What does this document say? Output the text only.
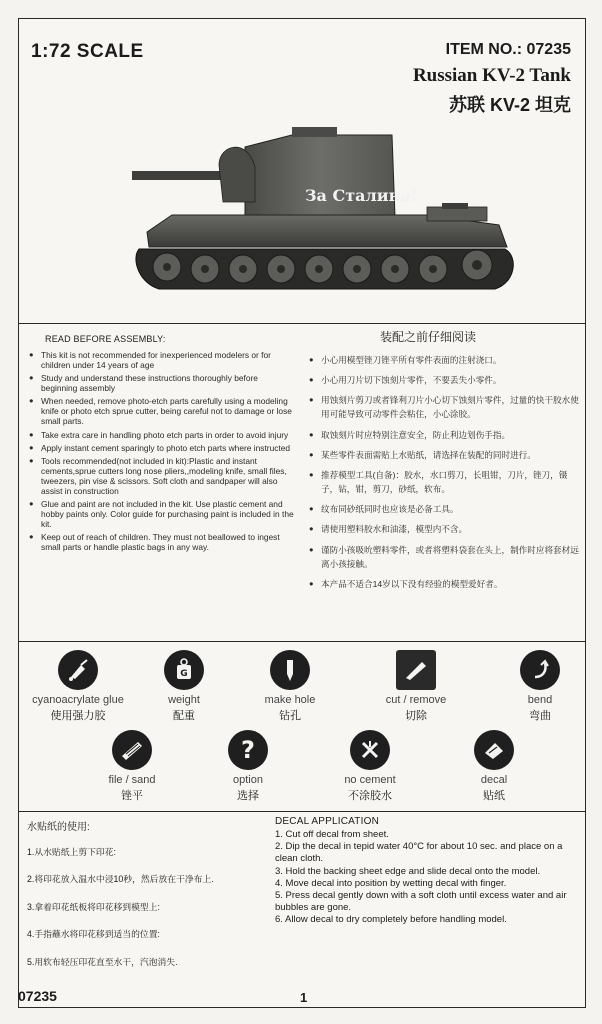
1:72 SCALE	ITEM NO.: 07235
Russian KV-2 Tank
苏联 KV-2 坦克
За Сталина!
READ BEFORE ASSEMBLY:
● This kit is not recommended for inexperienced modelers or for children under 14 years of age
● Study and understand these instructions thoroughly before beginning assembly
● When needed, remove photo-etch parts carefully using a modeling knife or photo etch sprue cutter, being careful not to damage or lose small parts.
● Take extra care in handling photo etch parts in order to avoid injury
● Apply instant cement sparingly to photo etch parts where instructed
● Tools recommended(not included in kit):Plastic and instant cements,sprue cutters long nose pliers,,modeling knife, small files, tweezers, pin vise & scissors. Soft cloth and sandpaper will also assist in construction
● Glue and paint are not included in the kit. Use plastic cement and hobby paints only. Color guide for purchasing paint is included in the kit.
● Keep out of reach of children. They must not beallowed to ingest small parts or handle plastic bags in any way.
装配之前仔细阅读
● 小心用模型锉刀锉平所有零件表面的注射浇口。
● 小心用刀片切下蚀刻片零件，不要丢失小零件。
● 用蚀刻片剪刀或者锋利刀片小心切下蚀刻片零件，过量的快干胶水使用可能导致可动零件会粘住，小心涂胶。
● 取蚀刻片时应特别注意安全，防止利边划伤手指。
● 某些零件表面需贴上水贴纸，请选择在装配的同时进行。
● 推荐模型工具(自备)：胶水，水口剪刀，长咀钳，刀片，锉刀，镊子，钻，钳，剪刀，砂纸，软布。
● 纹布同砂纸同时也应该是必备工具。
● 请使用塑料胶水和油漆，模型内不含。
● 谨防小孩吸吮塑料零件，或者将塑料袋套在头上，制作时应将套材远离小孩接触。
● 本产品不适合14岁以下没有经验的模型爱好者。
cyanoacrylate glue
使用强力胶
G
weight
配重
make hole
钻孔
cut / remove
切除
bend
弯曲
file / sand
锉平
?
option
选择
no cement
不涂胶水
decal
贴纸
水贴纸的使用:
1.从水贴纸上剪下印花:
2.将印花放入温水中浸10秒，然后放在干净布上.
3.拿着印花纸板将印花移到模型上:
4.手指蘸水将印花移到适当的位置:
5.用软布轻压印花直至水干，汽泡消失.
DECAL APPLICATION
1. Cut off decal from sheet.
2. Dip the decal in tepid water 40°C for about 10 sec. and place on a clean cloth.
3. Hold the backing sheet edge and slide decal onto the model.
4. Move decal into position by wetting decal with finger.
5. Press decal gently down with a soft cloth until excess water and air bubbles are gone.
6. Allow decal to dry completely before handling model.
07235	1
